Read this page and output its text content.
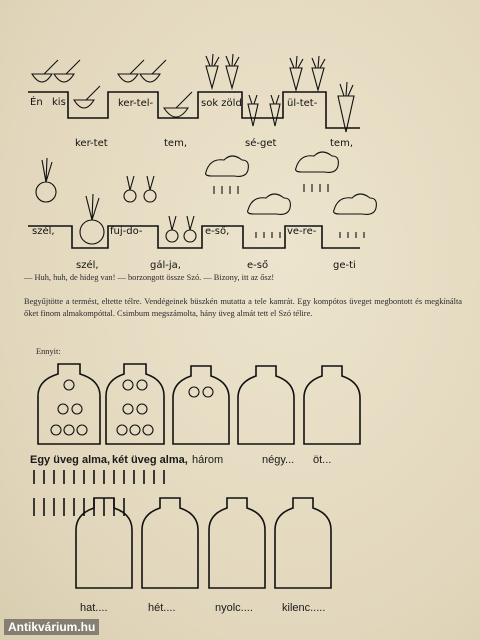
Én kis	ker-tel-	sok zöld	ül-tet-
ker-tet	tem,	sé-get	tem,
szél,	fuj-do-	e-ső,	ve-re-
szél,	gál-ja,	e-ső	ge-ti
Egy üveg alma, két üveg alma, három	négy... öt...
hat....	hét....	nyolc....	kilenc.....

— Huh, huh, de hideg van! — borzongott össze Szó. — Bizony, itt az ősz!

Begyűjtötte a termést, eltette télre. Vendégeinek büszkén mutatta a tele kamrát. Egy kompótos üveget megbontott és megkínálta őket finom almakompóttal. Csimbum megszámolta, hány üveg almát tett el Szó télire.

Ennyit:

Antikvárium.hu
